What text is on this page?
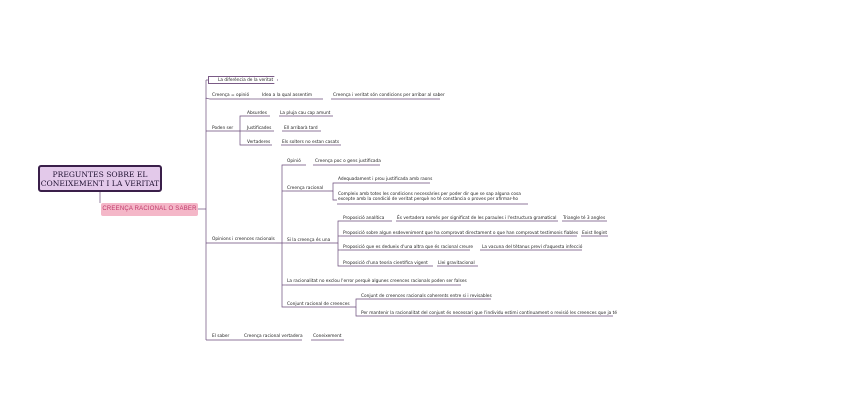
PREGUNTES SOBRE EL
CONEIXEMENT I LA VERITAT
CREENÇA RACIONAL O SABER
La diferència de la veritat
Creença = opinió	Idea a la qual assentim	Creença i veritat són condicions per arribar al saber
Poden ser
Absurdes	La pluja cau cap amunt
Justificades	Ell arribarà tard
Vertaderes	Els solters no estan casats
Opinions i creences racionals
Opinió	Creença poc o gens justificada
Creença racional
Adequadament i prou justificada amb raons
Compleix amb totes les condicions necessàries per poder dir que se sap alguna cosa
excepte amb la condició de veritat perquè no té constància o proves per afirmar-ho
Si la creença és una
Proposició analítica	És vertadera només per significat de les paraules i l'estructura gramatical Triangle té 3 angles
Proposició sobre algun esdeveniment que ha comprovat directament o que han comprovat testimonis fiables Exist llegint
Proposició que es dedueix d'una altra que és racional creure La vacuna del tètanus preví d'aquesta infecció
Proposició d'una teoria científica vigent Llei gravitacional
La racionalitat no exclou l'error perquè algunes creences racionals poden ser falses
Conjunt racional de creences
Conjunt de creences racionals coherents entre si i revisables
Per mantenir la racionalitat del conjunt és necessari que l'individu estimi contínuament o revisió les creences que ja té
El saber	Creença racional vertadera Coneixement
